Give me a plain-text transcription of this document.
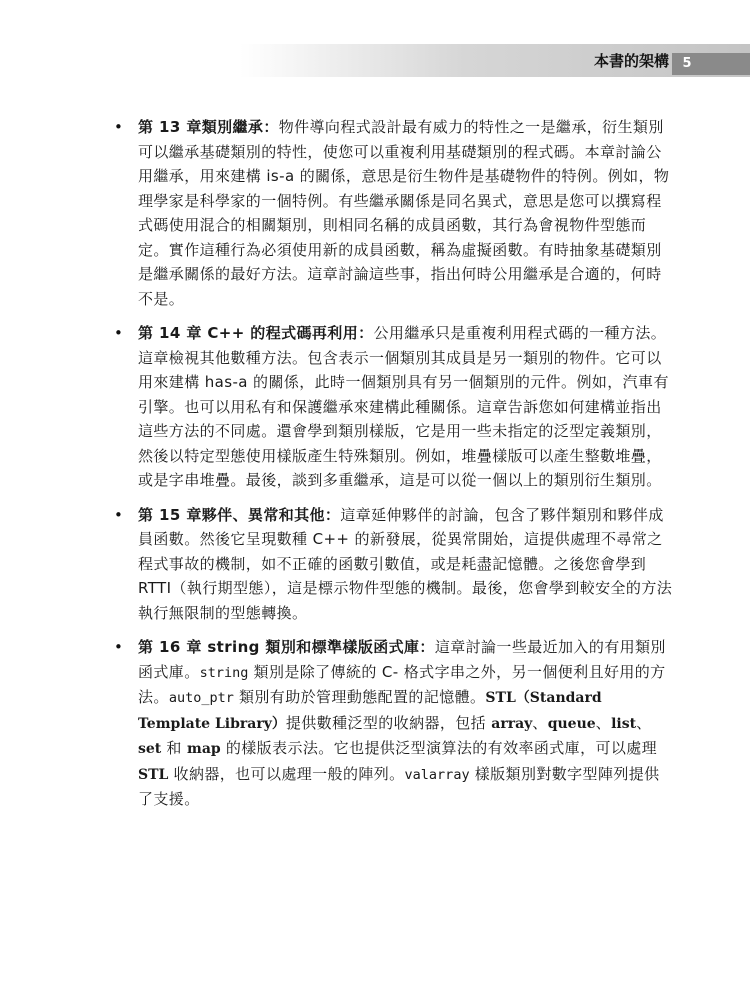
本書的架構	5
• 第 13 章類別繼承：物件導向程式設計最有威力的特性之一是繼承，衍生類別可以繼承基礎類別的特性，使您可以重複利用基礎類別的程式碼。本章討論公用繼承，用來建構 is-a 的關係，意思是衍生物件是基礎物件的特例。例如，物理學家是科學家的一個特例。有些繼承關係是同名異式，意思是您可以撰寫程式碼使用混合的相關類別，則相同名稱的成員函數，其行為會視物件型態而定。實作這種行為必須使用新的成員函數，稱為虛擬函數。有時抽象基礎類別是繼承關係的最好方法。這章討論這些事，指出何時公用繼承是合適的，何時不是。
• 第 14 章 C++ 的程式碼再利用：公用繼承只是重複利用程式碼的一種方法。這章檢視其他數種方法。包含表示一個類別其成員是另一類別的物件。它可以用來建構 has-a 的關係，此時一個類別具有另一個類別的元件。例如，汽車有引擎。也可以用私有和保護繼承來建構此種關係。這章告訴您如何建構並指出這些方法的不同處。還會學到類別樣版，它是用一些未指定的泛型定義類別，然後以特定型態使用樣版產生特殊類別。例如，堆疊樣版可以產生整數堆疊，或是字串堆疊。最後，談到多重繼承，這是可以從一個以上的類別衍生類別。
• 第 15 章夥伴、異常和其他：這章延伸夥伴的討論，包含了夥伴類別和夥伴成員函數。然後它呈現數種 C++ 的新發展，從異常開始，這提供處理不尋常之程式事故的機制，如不正確的函數引數值，或是耗盡記憶體。之後您會學到 RTTI（執行期型態），這是標示物件型態的機制。最後，您會學到較安全的方法執行無限制的型態轉換。
• 第 16 章 string 類別和標準樣版函式庫：這章討論一些最近加入的有用類別函式庫。string 類別是除了傳統的 C- 格式字串之外，另一個便利且好用的方法。auto_ptr 類別有助於管理動態配置的記憶體。STL（Standard Template Library）提供數種泛型的收納器，包括 array、queue、list、set 和 map 的樣版表示法。它也提供泛型演算法的有效率函式庫，可以處理 STL 收納器，也可以處理一般的陣列。valarray 樣版類別對數字型陣列提供了支援。
